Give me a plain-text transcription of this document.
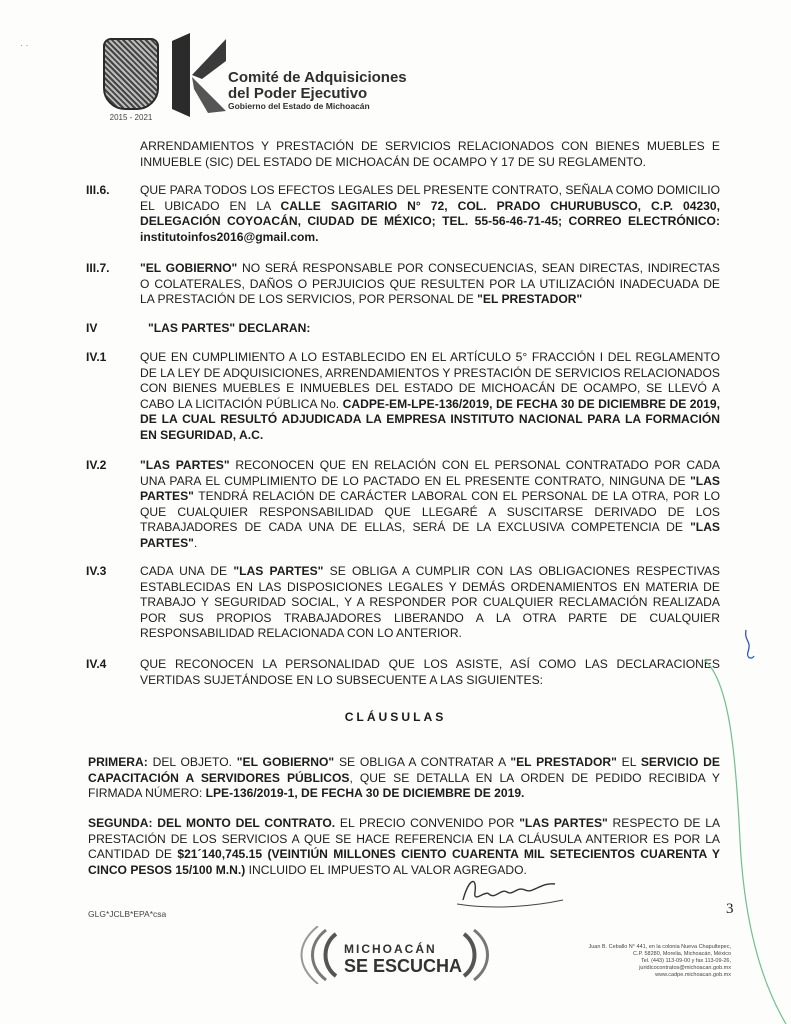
· ·
2015 - 2021
Comité de Adquisiciones
del Poder Ejecutivo
Gobierno del Estado de Michoacán

ARRENDAMIENTOS Y PRESTACIÓN DE SERVICIOS RELACIONADOS CON BIENES MUEBLES E INMUEBLE (SIC) DEL ESTADO DE MICHOACÁN DE OCAMPO Y 17 DE SU REGLAMENTO.

III.6.	QUE PARA TODOS LOS EFECTOS LEGALES DEL PRESENTE CONTRATO, SEÑALA COMO DOMICILIO EL UBICADO EN LA CALLE SAGITARIO N° 72, COL. PRADO CHURUBUSCO, C.P. 04230, DELEGACIÓN COYOACÁN, CIUDAD DE MÉXICO; TEL. 55-56-46-71-45; CORREO ELECTRÓNICO: institutoinfos2016@gmail.com.

III.7.	"EL GOBIERNO" NO SERÁ RESPONSABLE POR CONSECUENCIAS, SEAN DIRECTAS, INDIRECTAS O COLATERALES, DAÑOS O PERJUICIOS QUE RESULTEN POR LA UTILIZACIÓN INADECUADA DE LA PRESTACIÓN DE LOS SERVICIOS, POR PERSONAL DE "EL PRESTADOR"

IV	"LAS PARTES" DECLARAN:

IV.1	QUE EN CUMPLIMIENTO A LO ESTABLECIDO EN EL ARTÍCULO 5° FRACCIÓN I DEL REGLAMENTO DE LA LEY DE ADQUISICIONES, ARRENDAMIENTOS Y PRESTACIÓN DE SERVICIOS RELACIONADOS CON BIENES MUEBLES E INMUEBLES DEL ESTADO DE MICHOACÁN DE OCAMPO, SE LLEVÓ A CABO LA LICITACIÓN PÚBLICA No. CADPE-EM-LPE-136/2019, DE FECHA 30 DE DICIEMBRE DE 2019, DE LA CUAL RESULTÓ ADJUDICADA LA EMPRESA INSTITUTO NACIONAL PARA LA FORMACIÓN EN SEGURIDAD, A.C.

IV.2	"LAS PARTES" RECONOCEN QUE EN RELACIÓN CON EL PERSONAL CONTRATADO POR CADA UNA PARA EL CUMPLIMIENTO DE LO PACTADO EN EL PRESENTE CONTRATO, NINGUNA DE "LAS PARTES" TENDRÁ RELACIÓN DE CARÁCTER LABORAL CON EL PERSONAL DE LA OTRA, POR LO QUE CUALQUIER RESPONSABILIDAD QUE LLEGARÉ A SUSCITARSE DERIVADO DE LOS TRABAJADORES DE CADA UNA DE ELLAS, SERÁ DE LA EXCLUSIVA COMPETENCIA DE "LAS PARTES".

IV.3	CADA UNA DE "LAS PARTES" SE OBLIGA A CUMPLIR CON LAS OBLIGACIONES RESPECTIVAS ESTABLECIDAS EN LAS DISPOSICIONES LEGALES Y DEMÁS ORDENAMIENTOS EN MATERIA DE TRABAJO Y SEGURIDAD SOCIAL, Y A RESPONDER POR CUALQUIER RECLAMACIÓN REALIZADA POR SUS PROPIOS TRABAJADORES LIBERANDO A LA OTRA PARTE DE CUALQUIER RESPONSABILIDAD RELACIONADA CON LO ANTERIOR.

IV.4	QUE RECONOCEN LA PERSONALIDAD QUE LOS ASISTE, ASÍ COMO LAS DECLARACIONES VERTIDAS SUJETÁNDOSE EN LO SUBSECUENTE A LAS SIGUIENTES:

CLÁUSULAS

PRIMERA: DEL OBJETO. "EL GOBIERNO" SE OBLIGA A CONTRATAR A "EL PRESTADOR" EL SERVICIO DE CAPACITACIÓN A SERVIDORES PÚBLICOS, QUE SE DETALLA EN LA ORDEN DE PEDIDO RECIBIDA Y FIRMADA NÚMERO: LPE-136/2019-1, DE FECHA 30 DE DICIEMBRE DE 2019.

SEGUNDA: DEL MONTO DEL CONTRATO. EL PRECIO CONVENIDO POR "LAS PARTES" RESPECTO DE LA PRESTACIÓN DE LOS SERVICIOS A QUE SE HACE REFERENCIA EN LA CLÁUSULA ANTERIOR ES POR LA CANTIDAD DE $21´140,745.15 (VEINTIÚN MILLONES CIENTO CUARENTA MIL SETECIENTOS CUARENTA Y CINCO PESOS 15/100 M.N.) INCLUIDO EL IMPUESTO AL VALOR AGREGADO.

GLG*JCLB*EPA*csa	3
MICHOACÁN
SE ESCUCHA
Juan B. Ceballo N° 441, en la colonia Nueva Chapultepec,
C.P. 58280, Morelia, Michoacán, México
Tel. (443) 113-09-00 y fax 113-09-26,
juridicocontratos@michoacan.gob.mx
www.cadpe.michoacan.gob.mx
